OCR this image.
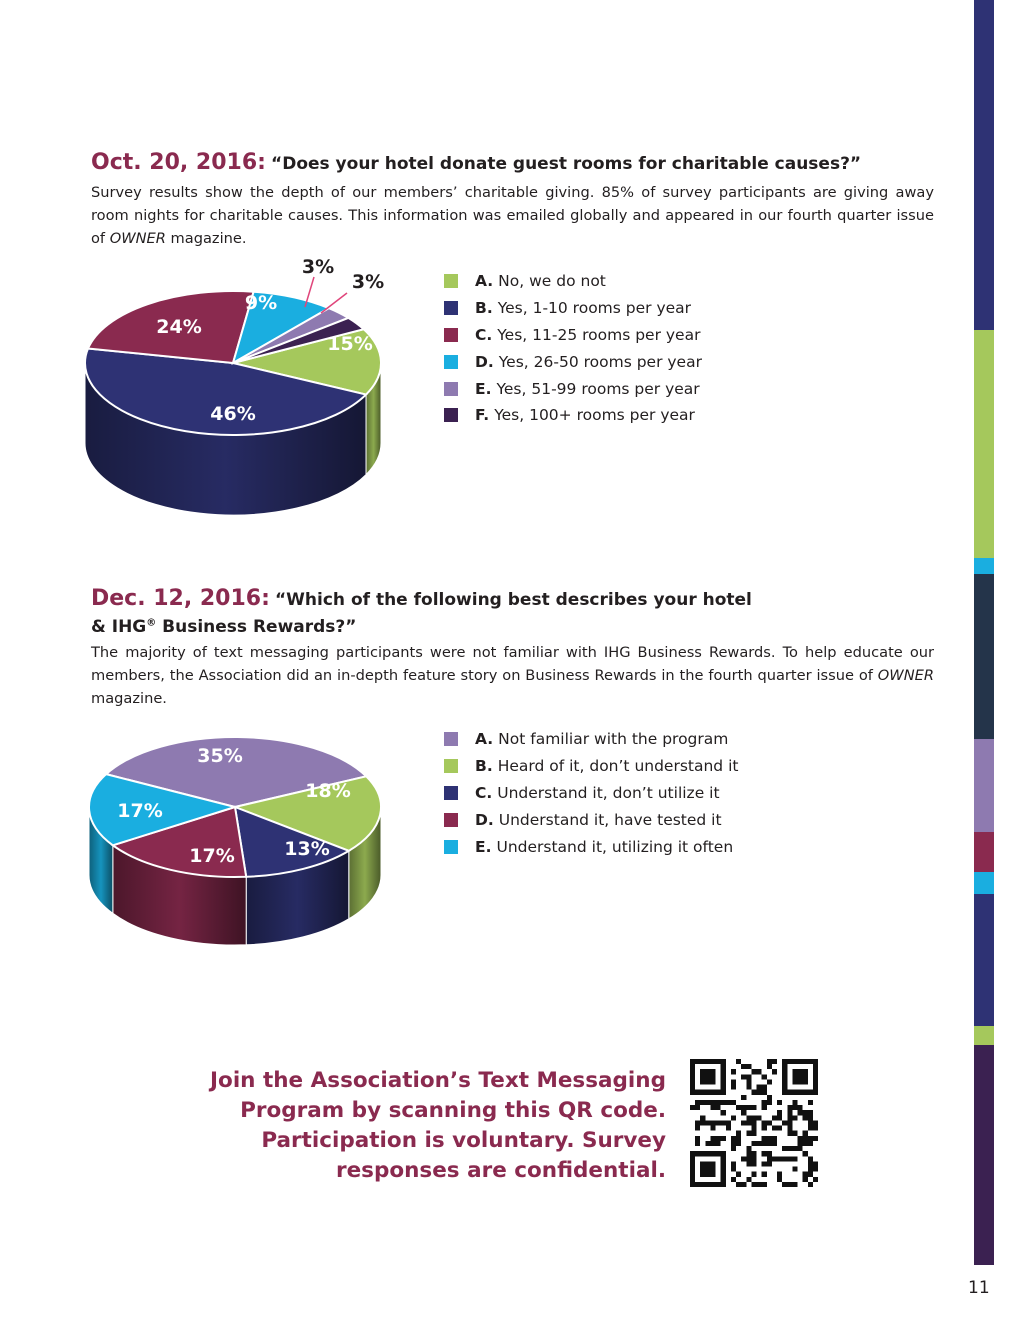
Oct. 20, 2016: “Does your hotel donate guest rooms for charitable causes?”

Survey results show the depth of our members’ charitable giving. 85% of survey participants are giving away room nights for charitable causes. This information was emailed globally and appeared in our fourth quarter issue of OWNER magazine.

15%
46%
24%
9%
3%
3%	A. No, we do not
B. Yes, 1-10 rooms per year
C. Yes, 11-25 rooms per year
D. Yes, 26-50 rooms per year
E. Yes, 51-99 rooms per year
F. Yes, 100+ rooms per year

Dec. 12, 2016: “Which of the following best describes your hotel

& IHG® Business Rewards?”

The majority of text messaging participants were not familiar with IHG Business Rewards. To help educate our members, the Association did an in-depth feature story on Business Rewards in the fourth quarter issue of OWNER magazine.

35%
18%
13%
17%
17%
A. Not familiar with the program
B. Heard of it, don’t understand it
C. Understand it, don’t utilize it
D. Understand it, have tested it
E. Understand it, utilizing it often
Join the Association’s Text Messaging
Program by scanning this QR code.
Participation is voluntary. Survey
responses are confidential.
11
